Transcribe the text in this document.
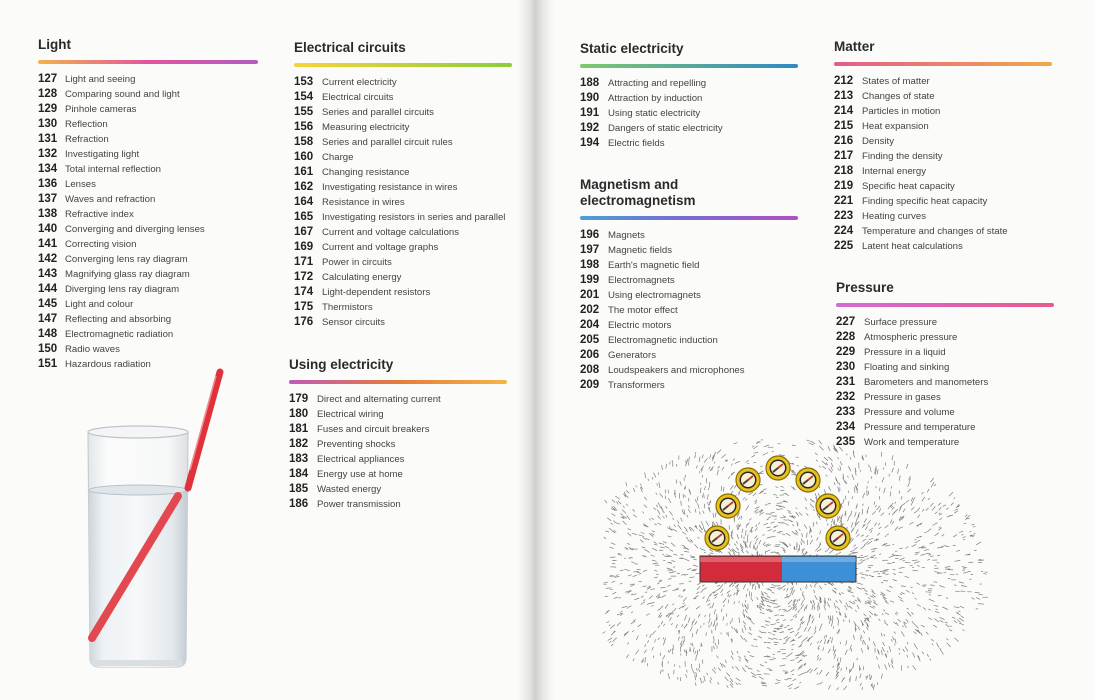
Light
127 Light and seeing
128 Comparing sound and light
129 Pinhole cameras
130 Reflection
131 Refraction
132 Investigating light
134 Total internal reflection
136 Lenses
137 Waves and refraction
138 Refractive index
140 Converging and diverging lenses
141 Correcting vision
142 Converging lens ray diagram
143 Magnifying glass ray diagram
144 Diverging lens ray diagram
145 Light and colour
147 Reflecting and absorbing
148 Electromagnetic radiation
150 Radio waves
151 Hazardous radiation
Electrical circuits
153 Current electricity
154 Electrical circuits
155 Series and parallel circuits
156 Measuring electricity
158 Series and parallel circuit rules
160 Charge
161 Changing resistance
162 Investigating resistance in wires
164 Resistance in wires
165 Investigating resistors in series and parallel
167 Current and voltage calculations
169 Current and voltage graphs
171 Power in circuits
172 Calculating energy
174 Light-dependent resistors
175 Thermistors
176 Sensor circuits
Using electricity
179 Direct and alternating current
180 Electrical wiring
181 Fuses and circuit breakers
182 Preventing shocks
183 Electrical appliances
184 Energy use at home
185 Wasted energy
186 Power transmission
Static electricity
188 Attracting and repelling
190 Attraction by induction
191 Using static electricity
192 Dangers of static electricity
194 Electric fields
Magnetism and
electromagnetism
196 Magnets
197 Magnetic fields
198 Earth's magnetic field
199 Electromagnets
201 Using electromagnets
202 The motor effect
204 Electric motors
205 Electromagnetic induction
206 Generators
208 Loudspeakers and microphones
209 Transformers
Matter
212 States of matter
213 Changes of state
214 Particles in motion
215 Heat expansion
216 Density
217 Finding the density
218 Internal energy
219 Specific heat capacity
221 Finding specific heat capacity
223 Heating curves
224 Temperature and changes of state
225 Latent heat calculations
Pressure
227 Surface pressure
228 Atmospheric pressure
229 Pressure in a liquid
230 Floating and sinking
231 Barometers and manometers
232 Pressure in gases
233 Pressure and volume
234 Pressure and temperature
235 Work and temperature
